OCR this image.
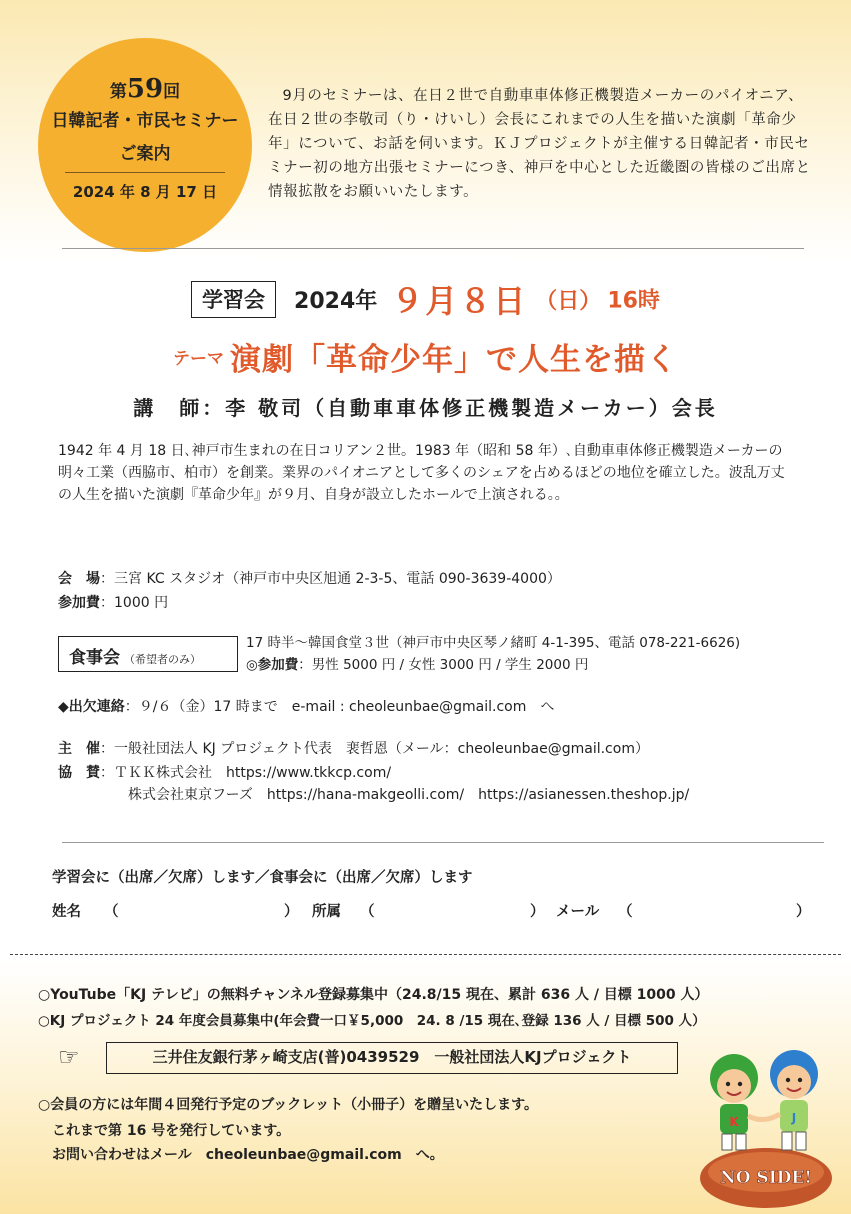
第59回
日韓記者・市民セミナー
ご案内
2024 年 8 月 17 日
9月のセミナーは、在日２世で自動車車体修正機製造メーカーのパイオニア、在日２世の李敬司（り・けいし）会長にこれまでの人生を描いた演劇「革命少年」について、お話を伺います。ＫＪプロジェクトが主催する日韓記者・市民セミナー初の地方出張セミナーにつき、神戸を中心とした近畿圏の皆様のご出席と情報拡散をお願いいたします。
学習会 2024年 ９月８日 （日） 16時
テーマ 演劇「革命少年」で人生を描く
講　師：李 敬司（自動車車体修正機製造メーカー）会長
1942 年 4 月 18 日､神戸市生まれの在日コリアン２世。1983 年（昭和 58 年）､自動車車体修正機製造メーカーの明々工業（西脇市、柏市）を創業。業界のパイオニアとして多くのシェアを占めるほどの地位を確立した。波乱万丈の人生を描いた演劇『革命少年』が９月、自身が設立したホールで上演される。。
会　場：三宮 KC スタジオ（神戸市中央区旭通 2-3-5、電話 090-3639-4000）
参加費：1000 円
食事会 （希望者のみ）
17 時半～韓国食堂３世（神戸市中央区琴ノ緒町 4-1-395、電話 078-221-6626)
◎参加費：男性 5000 円 / 女性 3000 円 / 学生 2000 円
◆出欠連絡：９/６（金）17 時まで　e-mail : cheoleunbae@gmail.com　へ
主　催：一般社団法人 KJ プロジェクト代表　裵哲恩（メール：cheoleunbae@gmail.com）
協　賛：ＴＫＫ株式会社　https://www.tkkcp.com/
株式会社東京フーズ　https://hana-makgeolli.com/　https://asianessen.theshop.jp/
学習会に（出席／欠席）します／食事会に（出席／欠席）します
姓名 （	） 所属 （	） メール （	）
○YouTube「KJ テレビ」の無料チャンネル登録募集中（24.8/15 現在、累計 636 人 / 目標 1000 人）
○KJ プロジェクト 24 年度会員募集中(年会費一口￥5,000　24. 8 /15 現在､登録 136 人 / 目標 500 人）
☞	三井住友銀行茅ヶ崎支店(普)0439529　一般社団法人KJプロジェクト
○会員の方には年間４回発行予定のブックレット（小冊子）を贈呈いたします。
これまで第 16 号を発行しています。
お問い合わせはメール　cheoleunbae@gmail.com　へ。
K	J
NO SIDE!
